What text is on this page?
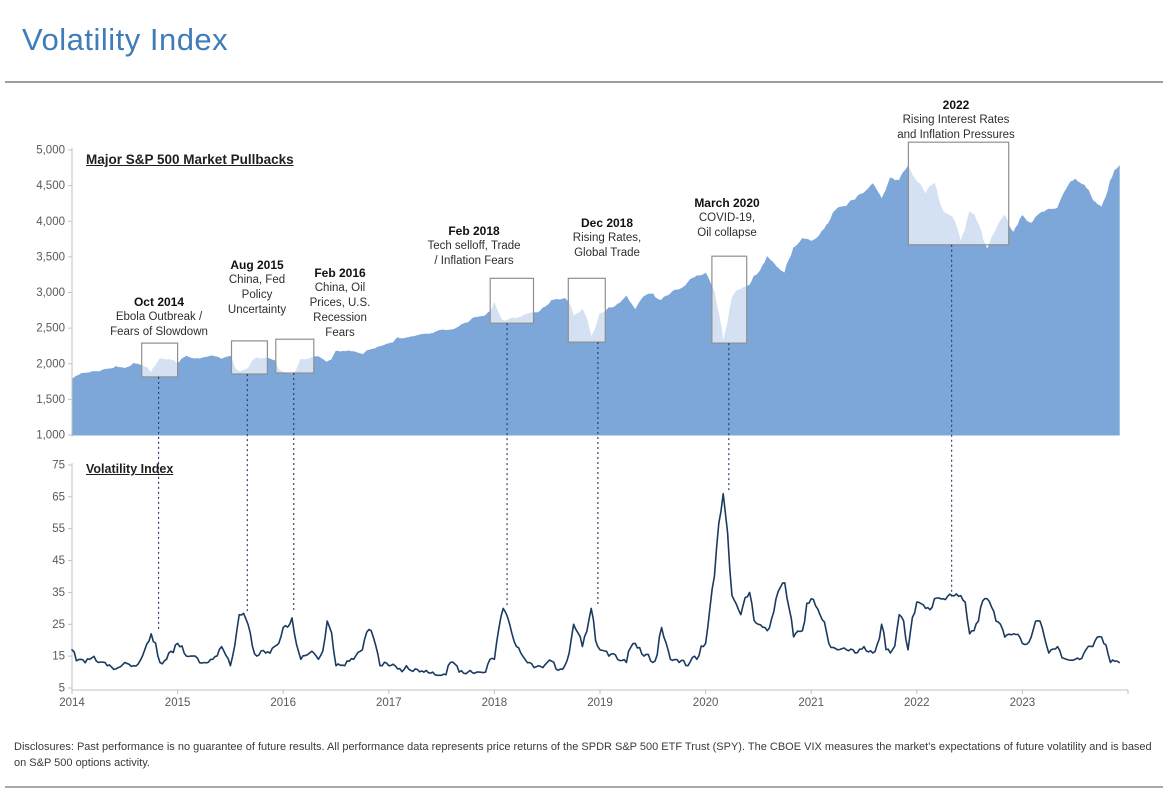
Volatility Index
5,000
4,500
4,000
3,500
3,000
2,500
2,000
1,500
1,000
75
65
55
45
35
25
15
5
2014	2015	2016	2017	2018	2019	2020	2021	2022	2023
Major S&P 500 Market Pullbacks
Volatility Index
Oct 2014
Ebola Outbreak /
Fears of Slowdown
Aug 2015
China, Fed
Policy
Uncertainty
Feb 2016
China, Oil
Prices, U.S.
Recession
Fears
Feb 2018
Tech selloff, Trade
/ Inflation Fears
Dec 2018
Rising Rates,
Global Trade
March 2020
COVID-19,
Oil collapse
2022
Rising Interest Rates
and Inflation Pressures

Disclosures: Past performance is no guarantee of future results. All performance data represents price returns of the SPDR S&P 500 ETF Trust (SPY). The CBOE VIX measures the market's expectations of future volatility and is based on S&P 500 options activity.
